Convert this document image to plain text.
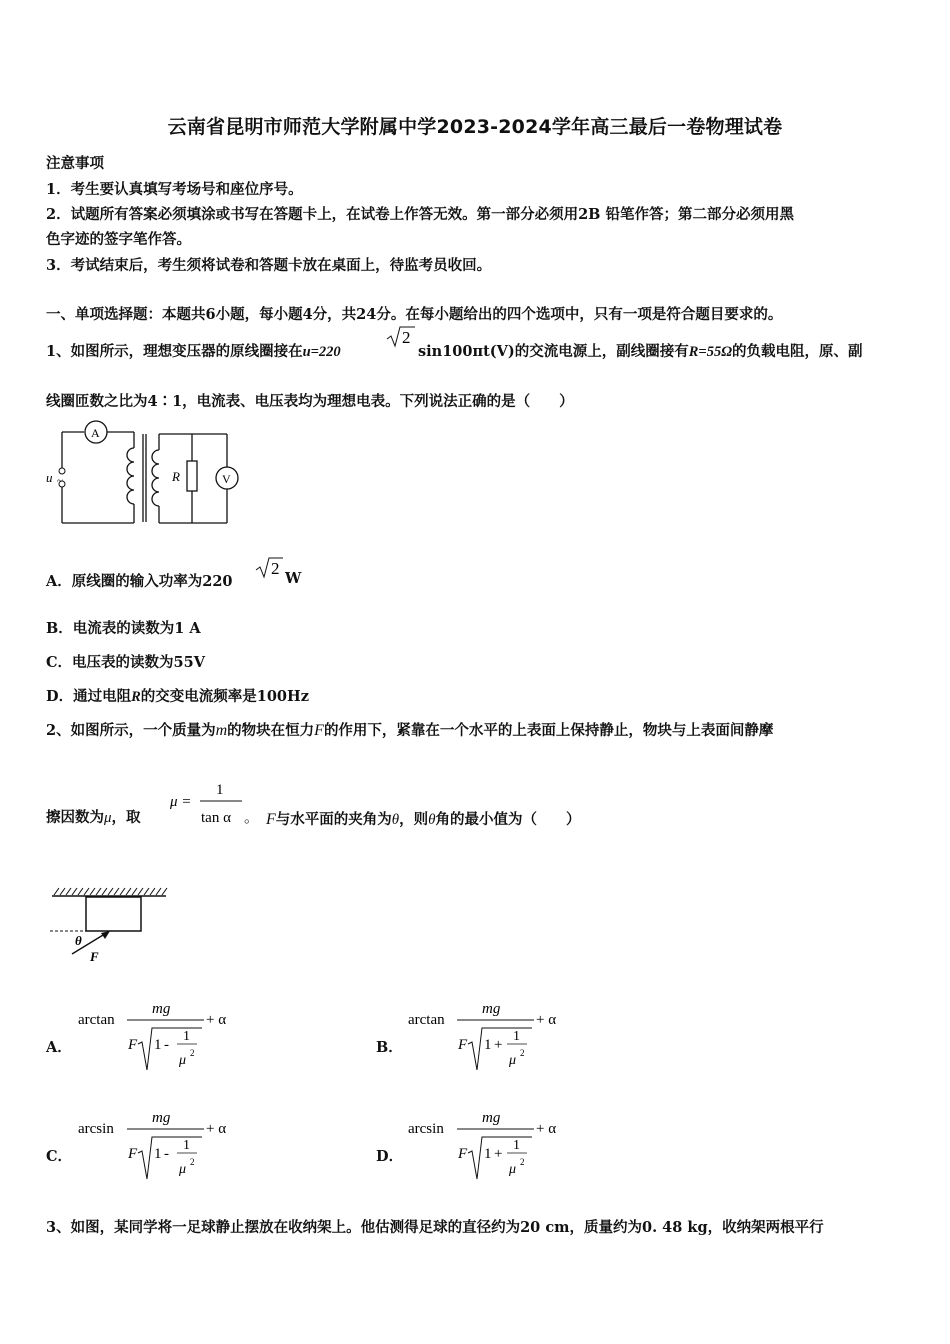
云南省昆明市师范大学附属中学2023-2024学年高三最后一卷物理试卷
注意事项
1．考生要认真填写考场号和座位序号。
2．试题所有答案必须填涂或书写在答题卡上，在试卷上作答无效。第一部分必须用2B 铅笔作答；第二部分必须用黑
色字迹的签字笔作答。
3．考试结束后，考生须将试卷和答题卡放在桌面上，待监考员收回。
一、单项选择题：本题共6小题，每小题4分，共24分。在每小题给出的四个选项中，只有一项是符合题目要求的。
1、如图所示，理想变压器的原线圈接在u=220
2
sin100πt(V)的交流电源上，副线圈接有R=55Ω的负载电阻，原、副
线圈匝数之比为4∶1，电流表、电压表均为理想电表。下列说法正确的是（　　）
u ~
A
R	V
A．原线圈的输入功率为220
2
W
B．电流表的读数为1 A
C．电压表的读数为55V
D．通过电阻R的交变电流频率是100Hz
2、如图所示，一个质量为m的物块在恒力F的作用下，紧靠在一个水平的上表面上保持静止，物块与上表面间静摩
擦因数为μ，取
μ =
1
tan α 。 F与水平面的夹角为θ，则θ角的最小值为（　　）
θ
F
A．
arctan
mg
+ α
F 1 -
1
μ 2	B．
arctan
mg
+ α
F 1 +
1
μ 2
C．
arcsin
mg
+ α
F 1 -
1
μ 2	D．
arcsin
mg
+ α
F 1 +
1
μ 2
3、如图，某同学将一足球静止摆放在收纳架上。他估测得足球的直径约为20 cm，质量约为0. 48 kg，收纳架两根平行
